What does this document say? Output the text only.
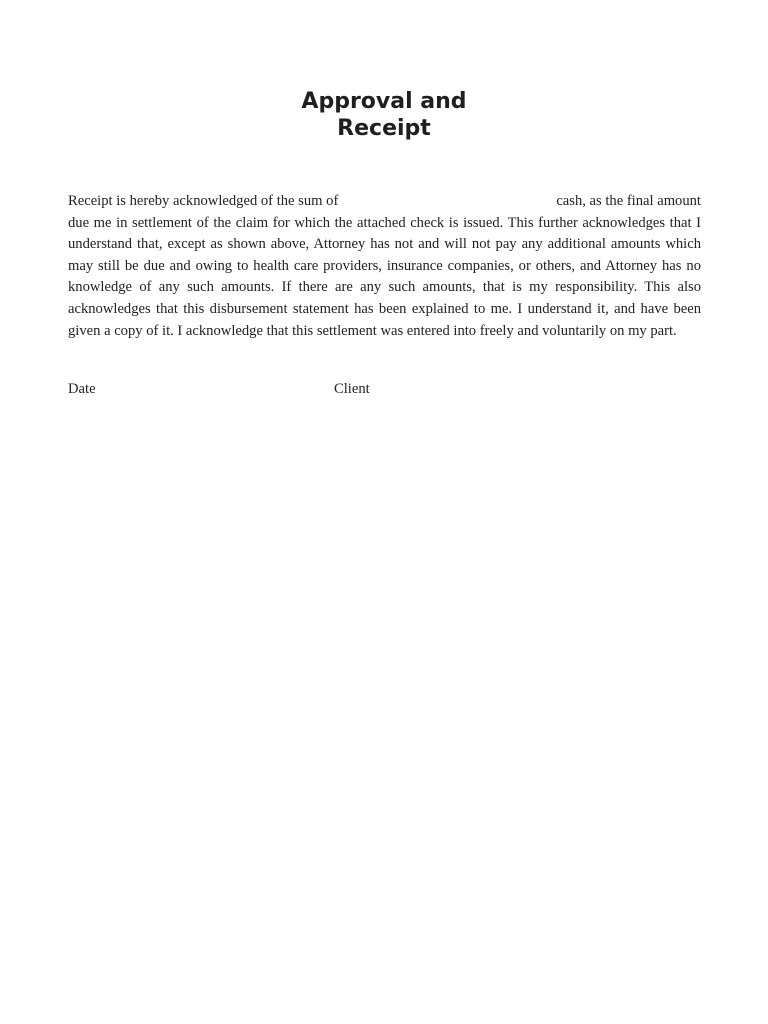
Approval and
Receipt
Receipt is hereby acknowledged of the sum of	cash, as the final amount
due me in settlement of the claim for which the attached check is issued. This further acknowledges that I
understand that, except as shown above, Attorney has not and will not pay any additional amounts which
may still be due and owing to health care providers, insurance companies, or others, and Attorney has no
knowledge of any such amounts. If there are any such amounts, that is my responsibility. This also
acknowledges that this disbursement statement has been explained to me. I understand it, and have been
given a copy of it. I acknowledge that this settlement was entered into freely and voluntarily on my part.
Date	Client
